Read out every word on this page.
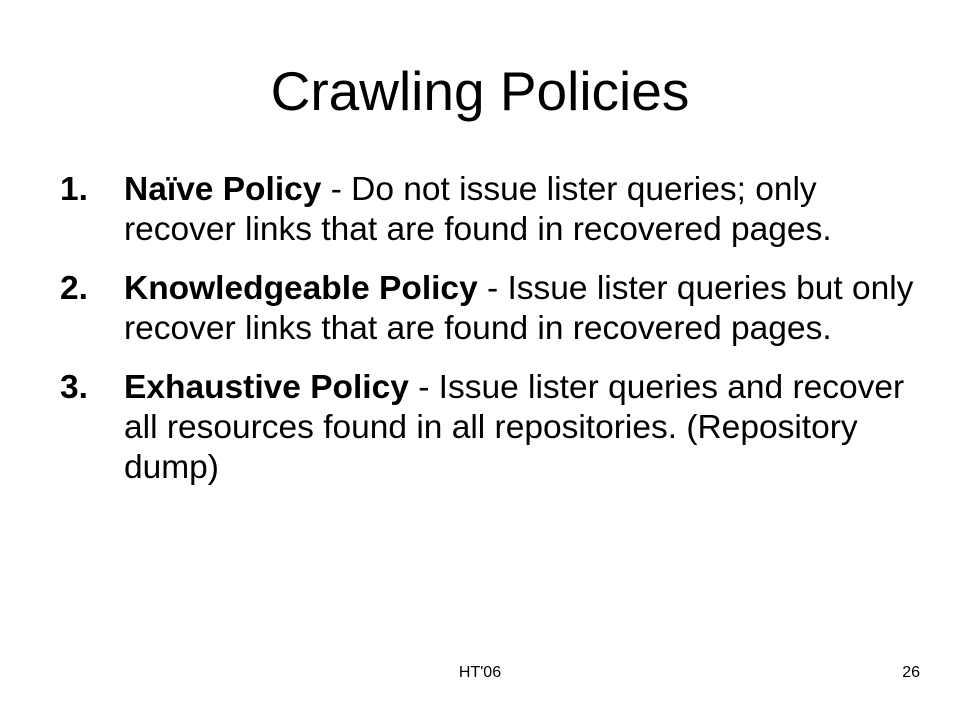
Crawling Policies
1. Naïve Policy - Do not issue lister queries; only recover links that are found in recovered pages.
2. Knowledgeable Policy - Issue lister queries but only recover links that are found in recovered pages.
3. Exhaustive Policy - Issue lister queries and recover all resources found in all repositories. (Repository dump)
HT'06	26
